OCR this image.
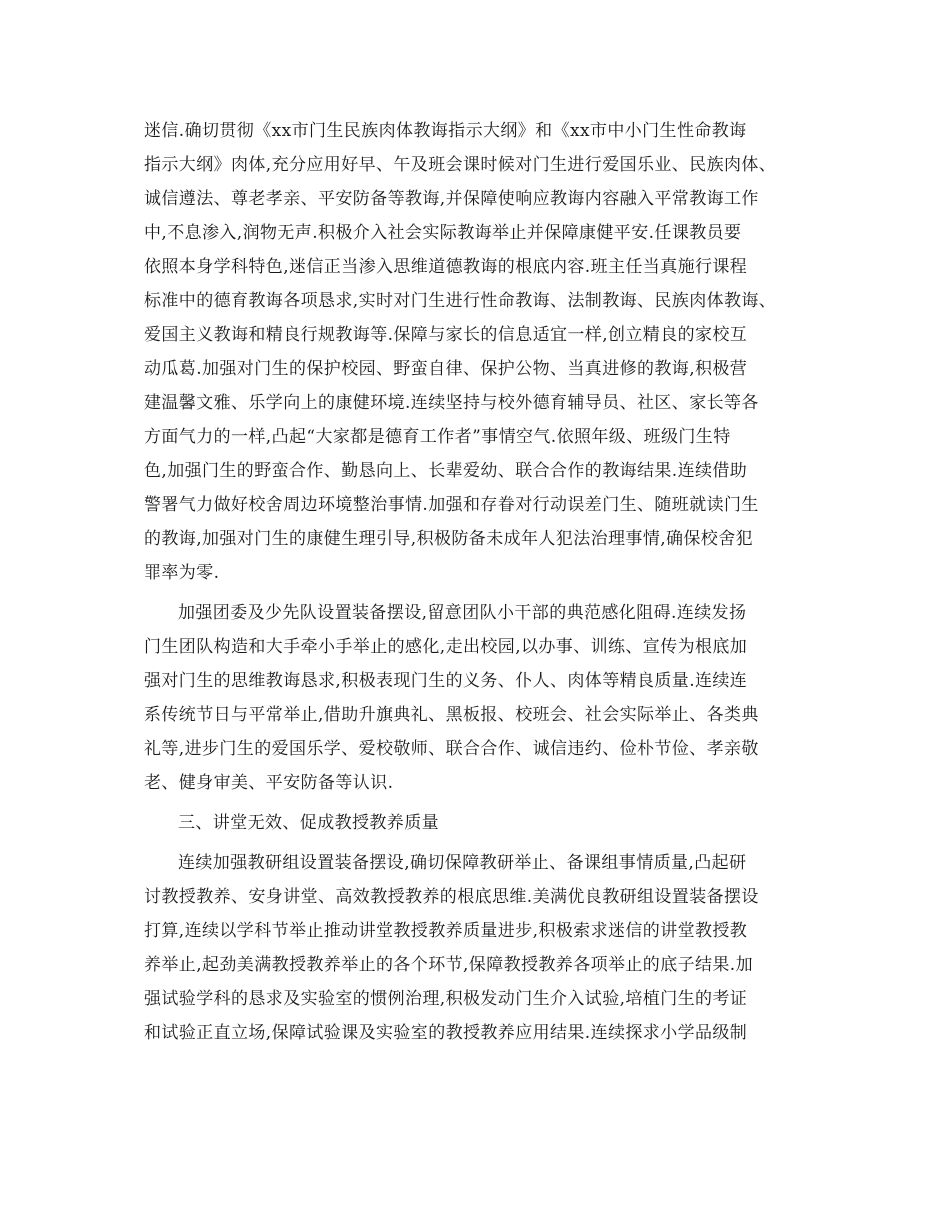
迷信.确切贯彻《xx市门生民族肉体教诲指示大纲》和《xx市中小门生性命教诲
指示大纲》肉体,充分应用好早、午及班会课时候对门生进行爱国乐业、民族肉体、
诚信遵法、尊老孝亲、平安防备等教诲,并保障使响应教诲内容融入平常教诲工作
中,不息渗入,润物无声.积极介入社会实际教诲举止并保障康健平安.任课教员要
依照本身学科特色,迷信正当渗入思维道德教诲的根底内容.班主任当真施行课程
标准中的德育教诲各项恳求,实时对门生进行性命教诲、法制教诲、民族肉体教诲、
爱国主义教诲和精良行规教诲等.保障与家长的信息适宜一样,创立精良的家校互
动瓜葛.加强对门生的保护校园、野蛮自律、保护公物、当真进修的教诲,积极营
建温馨文雅、乐学向上的康健环境.连续坚持与校外德育辅导员、社区、家长等各
方面气力的一样,凸起“大家都是德育工作者”事情空气.依照年级、班级门生特
色,加强门生的野蛮合作、勤恳向上、长辈爱幼、联合合作的教诲结果.连续借助
警署气力做好校舍周边环境整治事情.加强和存眷对行动误差门生、随班就读门生
的教诲,加强对门生的康健生理引导,积极防备未成年人犯法治理事情,确保校舍犯
罪率为零.
加强团委及少先队设置装备摆设,留意团队小干部的典范感化阻碍.连续发扬
门生团队构造和大手牵小手举止的感化,走出校园,以办事、训练、宣传为根底加
强对门生的思维教诲恳求,积极表现门生的义务、仆人、肉体等精良质量.连续连
系传统节日与平常举止,借助升旗典礼、黑板报、校班会、社会实际举止、各类典
礼等,进步门生的爱国乐学、爱校敬师、联合合作、诚信违约、俭朴节俭、孝亲敬
老、健身审美、平安防备等认识.
三、讲堂无效、促成教授教养质量
连续加强教研组设置装备摆设,确切保障教研举止、备课组事情质量,凸起研
讨教授教养、安身讲堂、高效教授教养的根底思维.美满优良教研组设置装备摆设
打算,连续以学科节举止推动讲堂教授教养质量进步,积极索求迷信的讲堂教授教
养举止,起劲美满教授教养举止的各个环节,保障教授教养各项举止的底子结果.加
强试验学科的恳求及实验室的惯例治理,积极发动门生介入试验,培植门生的考证
和试验正直立场,保障试验课及实验室的教授教养应用结果.连续探求小学品级制
